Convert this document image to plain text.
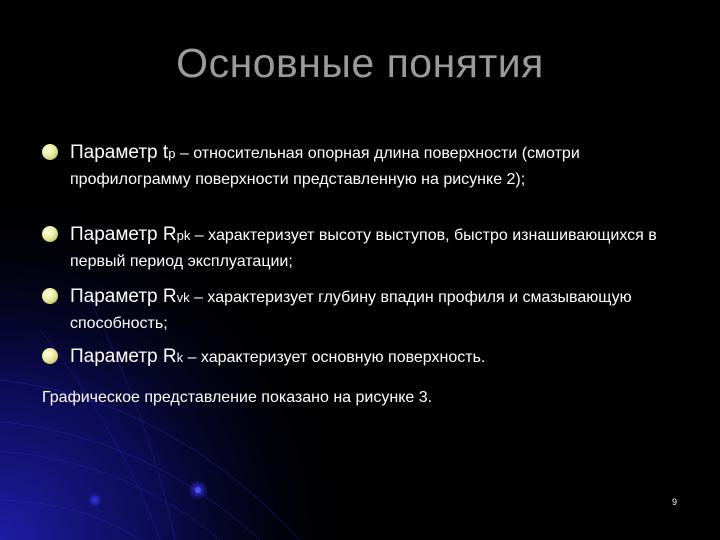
Основные понятия
Параметр tp – относительная опорная длина поверхности (смотри профилограмму поверхности представленную на рисунке 2);
Параметр Rpk – характеризует высоту выступов, быстро изнашивающихся в первый период эксплуатации;
Параметр Rvk – характеризует глубину впадин профиля и смазывающую способность;
Параметр Rk – характеризует основную поверхность.
Графическое представление показано на рисунке 3.
9
